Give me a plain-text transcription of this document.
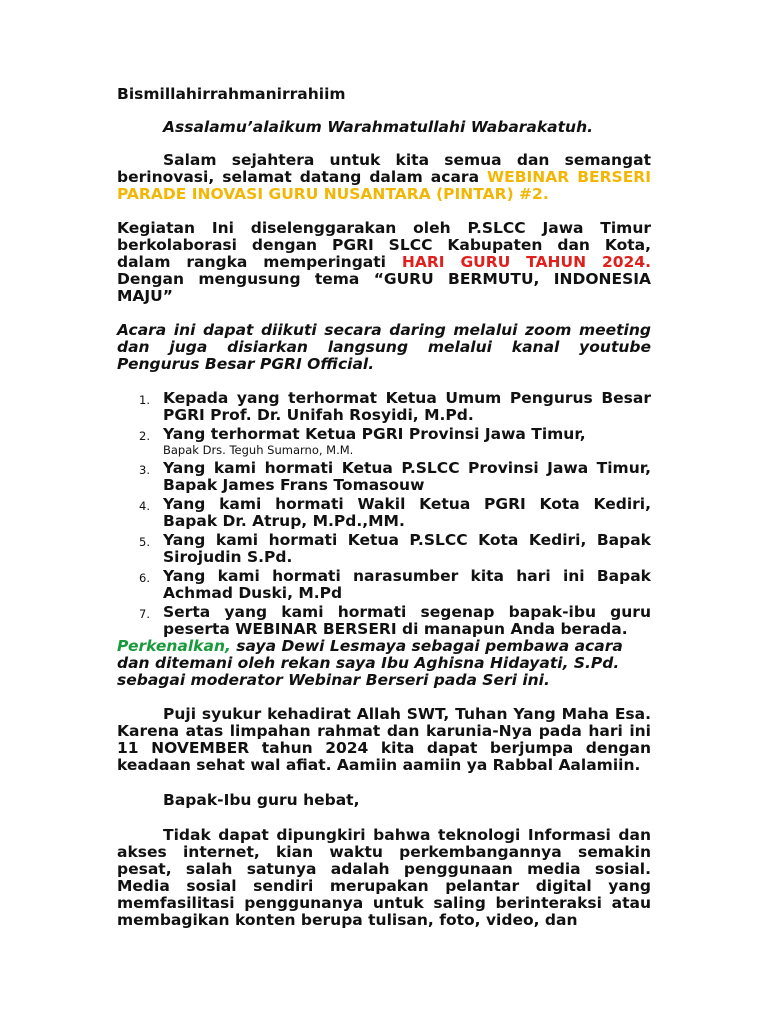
Bismillahirrahmanirrahiim

Assalamu’alaikum Warahmatullahi Wabarakatuh.

Salam sejahtera untuk kita semua dan semangat berinovasi, selamat datang dalam acara WEBINAR BERSERI PARADE INOVASI GURU NUSANTARA (PINTAR) #2.

Kegiatan Ini diselenggarakan oleh P.SLCC Jawa Timur berkolaborasi dengan PGRI SLCC Kabupaten dan Kota, dalam rangka memperingati HARI GURU TAHUN 2024. Dengan mengusung tema “GURU BERMUTU, INDONESIA MAJU”

Acara ini dapat diikuti secara daring melalui zoom meeting dan juga disiarkan langsung melalui kanal youtube Pengurus Besar PGRI Official.

1. Kepada yang terhormat Ketua Umum Pengurus Besar PGRI Prof. Dr. Unifah Rosyidi, M.Pd.
2. Yang terhormat Ketua PGRI Provinsi Jawa Timur,
Bapak Drs. Teguh Sumarno, M.M.
3. Yang kami hormati Ketua P.SLCC Provinsi Jawa Timur, Bapak James Frans Tomasouw
4. Yang kami hormati Wakil Ketua PGRI Kota Kediri, Bapak Dr. Atrup, M.Pd.,MM.
5. Yang kami hormati Ketua P.SLCC Kota Kediri, Bapak Sirojudin S.Pd.
6. Yang kami hormati narasumber kita hari ini Bapak Achmad Duski, M.Pd
7. Serta yang kami hormati segenap bapak-ibu guru peserta WEBINAR BERSERI di manapun Anda berada.

Perkenalkan, saya Dewi Lesmaya sebagai pembawa acara dan ditemani oleh rekan saya Ibu Aghisna Hidayati, S.Pd. sebagai moderator Webinar Berseri pada Seri ini.

Puji syukur kehadirat Allah SWT, Tuhan Yang Maha Esa. Karena atas limpahan rahmat dan karunia-Nya pada hari ini 11 NOVEMBER tahun 2024 kita dapat berjumpa dengan keadaan sehat wal afiat. Aamiin aamiin ya Rabbal Aalamiin.

Bapak-Ibu guru hebat,

Tidak dapat dipungkiri bahwa teknologi Informasi dan akses internet, kian waktu perkembangannya semakin pesat, salah satunya adalah penggunaan media sosial. Media sosial sendiri merupakan pelantar digital yang memfasilitasi penggunanya untuk saling berinteraksi atau membagikan konten berupa tulisan, foto, video, dan
